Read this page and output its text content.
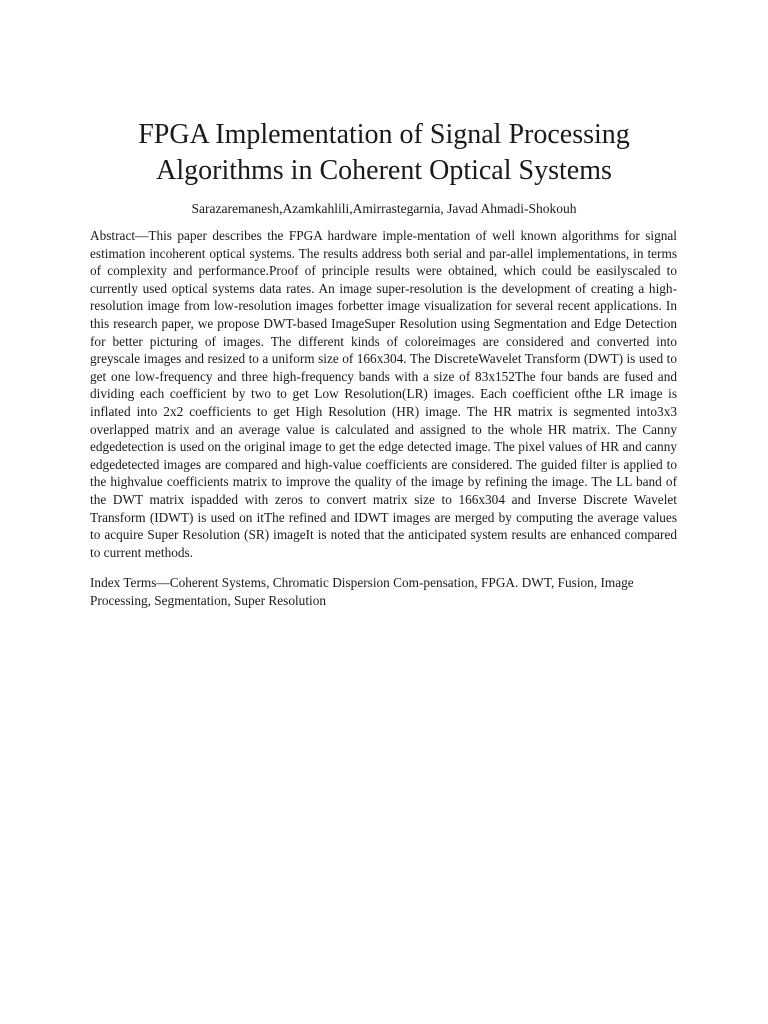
FPGA Implementation of Signal Processing
Algorithms in Coherent Optical Systems
Sarazaremanesh,Azamkahlili,Amirrastegarnia, Javad Ahmadi-Shokouh

Abstract—This paper describes the FPGA hardware imple-mentation of well known algorithms for signal estimation incoherent optical systems. The results address both serial and par-allel implementations, in terms of complexity and performance.Proof of principle results were obtained, which could be easilyscaled to currently used optical systems data rates. An image super-resolution is the development of creating a high-resolution image from low-resolution images forbetter image visualization for several recent applications. In this research paper, we propose DWT-based ImageSuper Resolution using Segmentation and Edge Detection for better picturing of images. The different kinds of coloreimages are considered and converted into greyscale images and resized to a uniform size of 166x304. The DiscreteWavelet Transform (DWT) is used to get one low-frequency and three high-frequency bands with a size of 83x152The four bands are fused and dividing each coefficient by two to get Low Resolution(LR) images. Each coefficient ofthe LR image is inflated into 2x2 coefficients to get High Resolution (HR) image. The HR matrix is segmented into3x3 overlapped matrix and an average value is calculated and assigned to the whole HR matrix. The Canny edgedetection is used on the original image to get the edge detected image. The pixel values of HR and canny edgedetected images are compared and high-value coefficients are considered. The guided filter is applied to the highvalue coefficients matrix to improve the quality of the image by refining the image. The LL band of the DWT matrix ispadded with zeros to convert matrix size to 166x304 and Inverse Discrete Wavelet Transform (IDWT) is used on itThe refined and IDWT images are merged by computing the average values to acquire Super Resolution (SR) imageIt is noted that the anticipated system results are enhanced compared to current methods.

Index Terms—Coherent Systems, Chromatic Dispersion Com-pensation, FPGA. DWT, Fusion, Image Processing, Segmentation, Super Resolution
